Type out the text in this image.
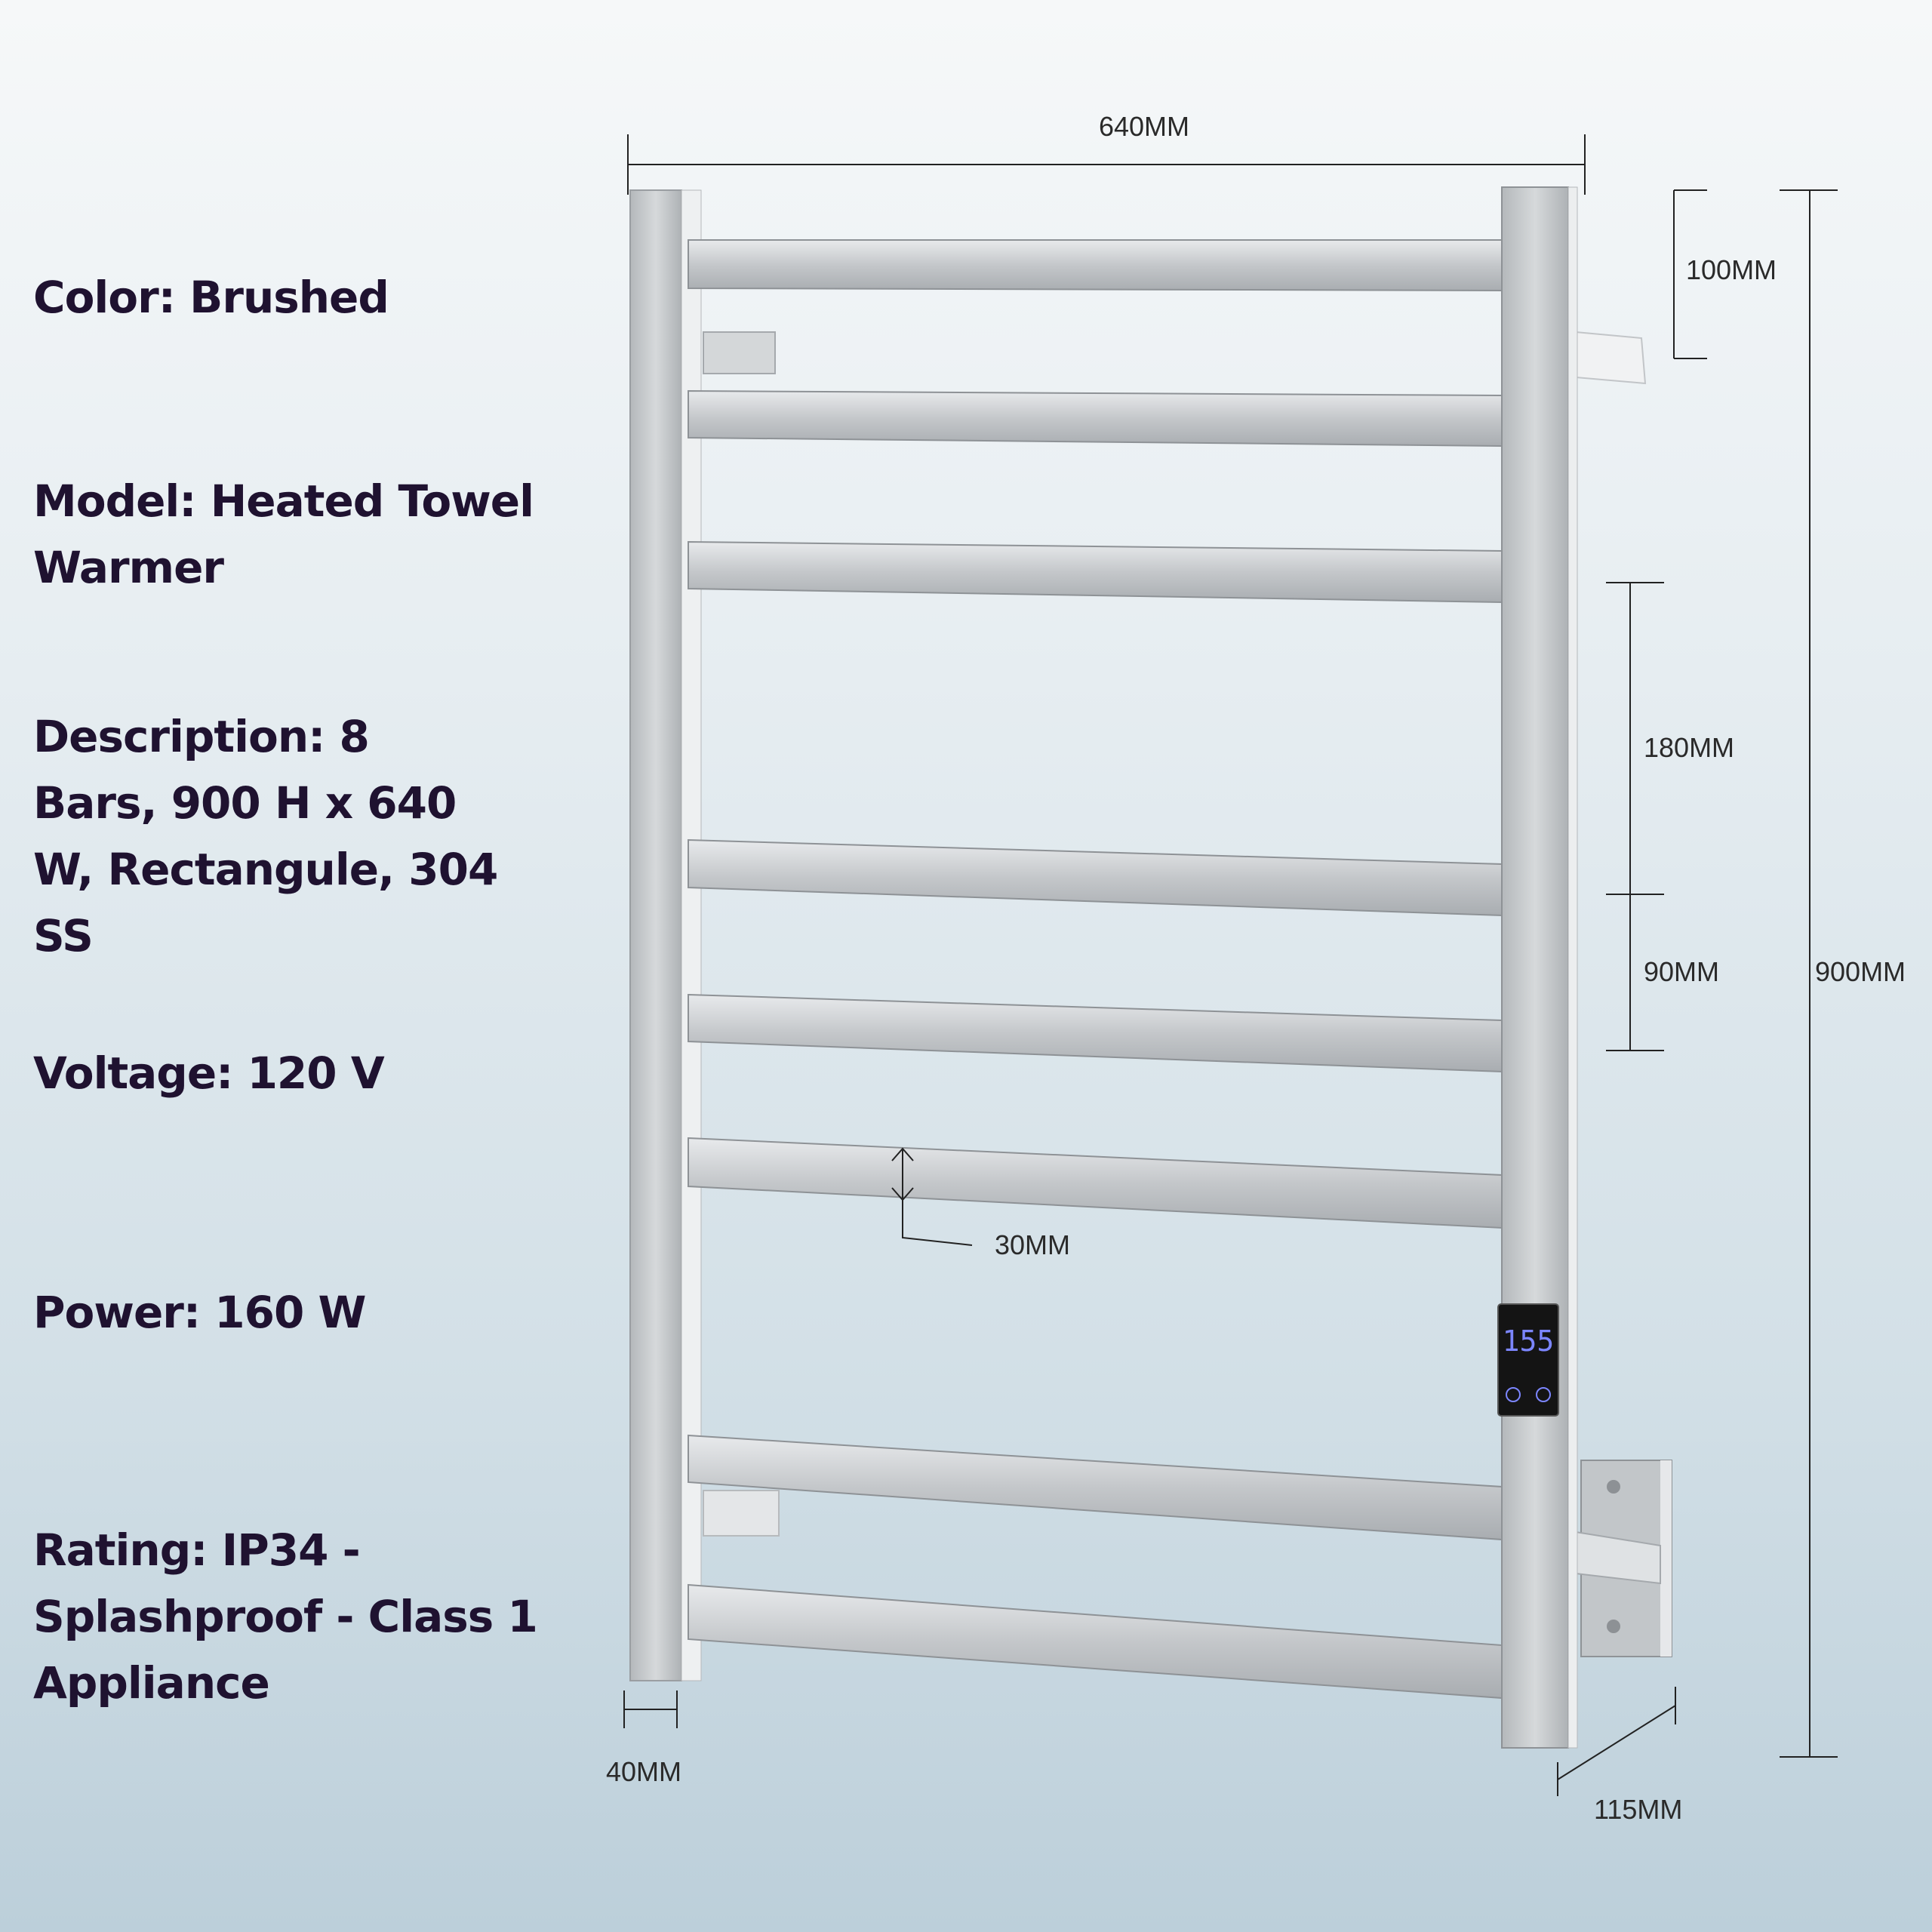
Color: Brushed

Model: Heated Towel Warmer

Description: 8 Bars, 900 H x 640 W, Rectangule, 304 SS

Voltage: 120 V

Power: 160 W

Rating: IP34 - Splashproof - Class 1 Appliance

155
640MM
100MM
180MM
90MM	900MM
30MM
40MM
115MM
